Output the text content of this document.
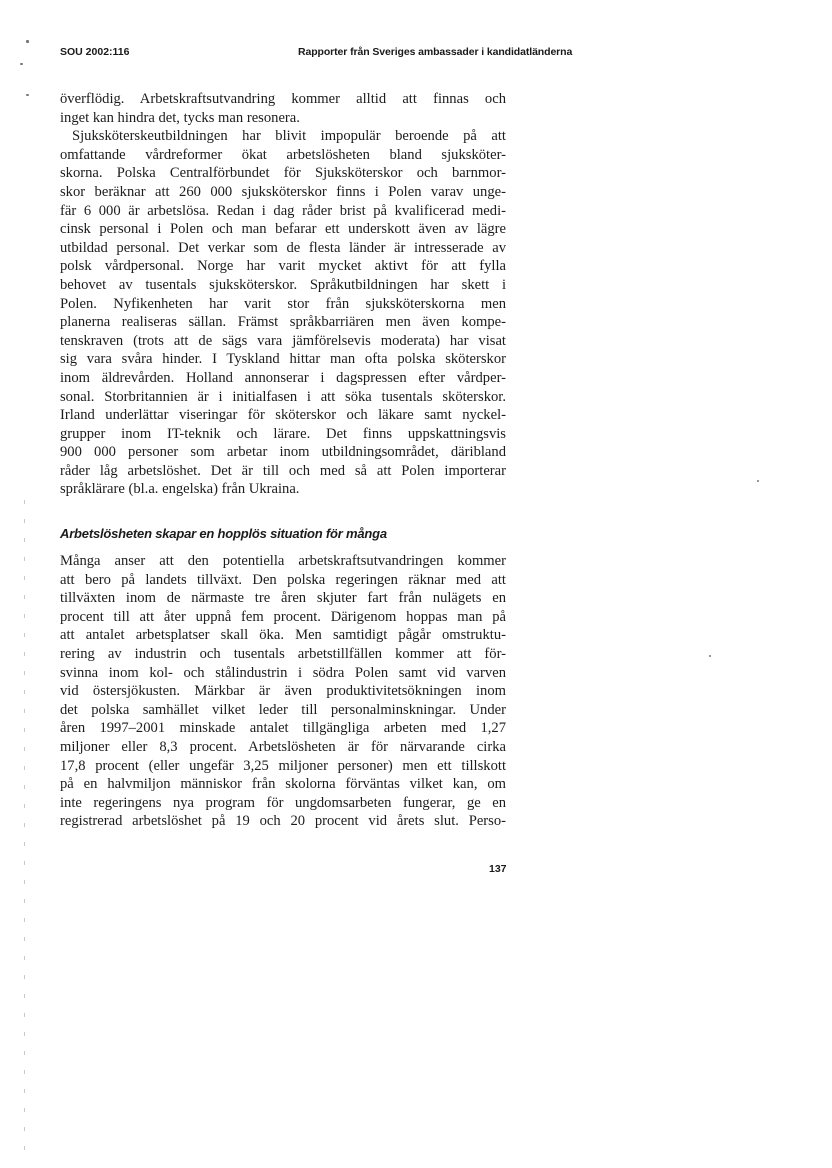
SOU 2002:116	Rapporter från Sveriges ambassader i kandidatländerna
överflödig. Arbetskraftsutvandring kommer alltid att finnas och
inget kan hindra det, tycks man resonera.
Sjuksköterskeutbildningen har blivit impopulär beroende på att
omfattande vårdreformer ökat arbetslösheten bland sjuksköter-
skorna. Polska Centralförbundet för Sjuksköterskor och barnmor-
skor beräknar att 260 000 sjuksköterskor finns i Polen varav unge-
fär 6 000 är arbetslösa. Redan i dag råder brist på kvalificerad medi-
cinsk personal i Polen och man befarar ett underskott även av lägre
utbildad personal. Det verkar som de flesta länder är intresserade av
polsk vårdpersonal. Norge har varit mycket aktivt för att fylla
behovet av tusentals sjuksköterskor. Språkutbildningen har skett i
Polen. Nyfikenheten har varit stor från sjuksköterskorna men
planerna realiseras sällan. Främst språkbarriären men även kompe-
tenskraven (trots att de sägs vara jämförelsevis moderata) har visat
sig vara svåra hinder. I Tyskland hittar man ofta polska sköterskor
inom äldrevården. Holland annonserar i dagspressen efter vårdper-
sonal. Storbritannien är i initialfasen i att söka tusentals sköterskor.
Irland underlättar viseringar för sköterskor och läkare samt nyckel-
grupper inom IT-teknik och lärare. Det finns uppskattningsvis
900 000 personer som arbetar inom utbildningsområdet, däribland
råder låg arbetslöshet. Det är till och med så att Polen importerar
språklärare (bl.a. engelska) från Ukraina.
Arbetslösheten skapar en hopplös situation för många
Många anser att den potentiella arbetskraftsutvandringen kommer
att bero på landets tillväxt. Den polska regeringen räknar med att
tillväxten inom de närmaste tre åren skjuter fart från nulägets en
procent till att åter uppnå fem procent. Därigenom hoppas man på
att antalet arbetsplatser skall öka. Men samtidigt pågår omstruktu-
rering av industrin och tusentals arbetstillfällen kommer att för-
svinna inom kol- och stålindustrin i södra Polen samt vid varven
vid östersjökusten. Märkbar är även produktivitetsökningen inom
det polska samhället vilket leder till personalminskningar. Under
åren 1997–2001 minskade antalet tillgängliga arbeten med 1,27
miljoner eller 8,3 procent. Arbetslösheten är för närvarande cirka
17,8 procent (eller ungefär 3,25 miljoner personer) men ett tillskott
på en halvmiljon människor från skolorna förväntas vilket kan, om
inte regeringens nya program för ungdomsarbeten fungerar, ge en
registrerad arbetslöshet på 19 och 20 procent vid årets slut. Perso-
137
